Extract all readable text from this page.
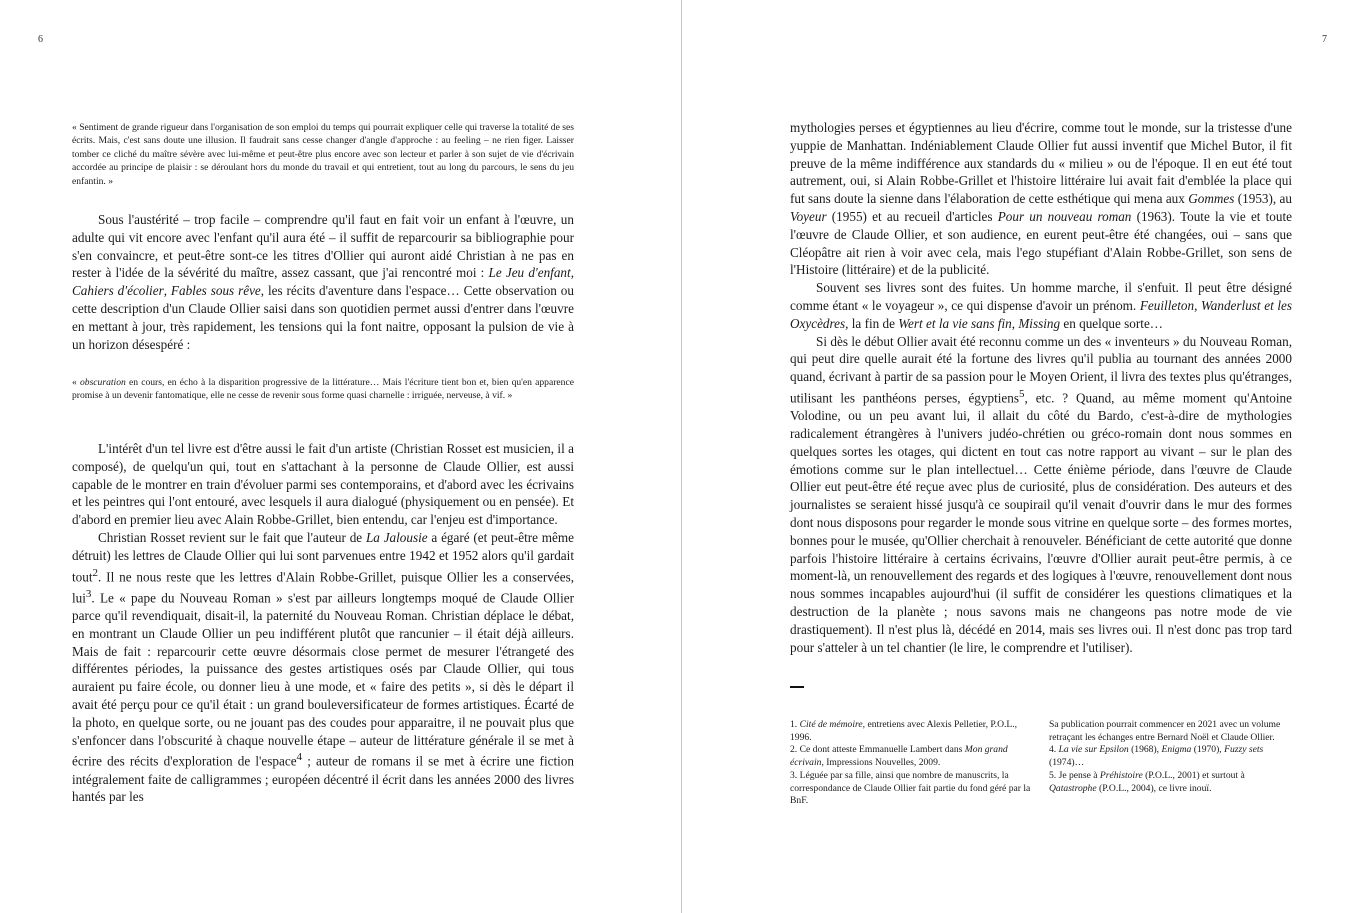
6

« Sentiment de grande rigueur dans l'organisation de son emploi du temps qui pourrait expliquer celle qui traverse la totalité de ses écrits. Mais, c'est sans doute une illusion. Il faudrait sans cesse changer d'angle d'approche : au feeling – ne rien figer. Laisser tomber ce cliché du maître sévère avec lui-même et peut-être plus encore avec son lecteur et parler à son sujet de vie d'écrivain accordée au principe de plaisir : se déroulant hors du monde du travail et qui entretient, tout au long du parcours, le sens du jeu enfantin. »

Sous l'austérité – trop facile – comprendre qu'il faut en fait voir un enfant à l'œuvre, un adulte qui vit encore avec l'enfant qu'il aura été – il suffit de reparcourir sa bibliographie pour s'en convaincre, et peut-être sont-ce les titres d'Ollier qui auront aidé Christian à ne pas en rester à l'idée de la sévérité du maître, assez cassant, que j'ai rencontré moi : Le Jeu d'enfant, Cahiers d'écolier, Fables sous rêve, les récits d'aventure dans l'espace… Cette observation ou cette description d'un Claude Ollier saisi dans son quotidien permet aussi d'entrer dans l'œuvre en mettant à jour, très rapidement, les tensions qui la font naitre, opposant la pulsion de vie à un horizon désespéré :

« obscuration en cours, en écho à la disparition progressive de la littérature… Mais l'écriture tient bon et, bien qu'en apparence promise à un devenir fantomatique, elle ne cesse de revenir sous forme quasi charnelle : irriguée, nerveuse, à vif. »

L'intérêt d'un tel livre est d'être aussi le fait d'un artiste (Christian Rosset est musicien, il a composé), de quelqu'un qui, tout en s'attachant à la personne de Claude Ollier, est aussi capable de le montrer en train d'évoluer parmi ses contemporains, et d'abord avec les écrivains et les peintres qui l'ont entouré, avec lesquels il aura dialogué (physiquement ou en pensée). Et d'abord en premier lieu avec Alain Robbe-Grillet, bien entendu, car l'enjeu est d'importance.

Christian Rosset revient sur le fait que l'auteur de La Jalousie a égaré (et peut-être même détruit) les lettres de Claude Ollier qui lui sont parvenues entre 1942 et 1952 alors qu'il gardait tout$^2$. Il ne nous reste que les lettres d'Alain Robbe-Grillet, puisque Ollier les a conservées, lui$^3$. Le « pape du Nouveau Roman » s'est par ailleurs longtemps moqué de Claude Ollier parce qu'il revendiquait, disait-il, la paternité du Nouveau Roman. Christian déplace le débat, en montrant un Claude Ollier un peu indifférent plutôt que rancunier – il était déjà ailleurs. Mais de fait : reparcourir cette œuvre désormais close permet de mesurer l'étrangeté des différentes périodes, la puissance des gestes artistiques osés par Claude Ollier, qui tous auraient pu faire école, ou donner lieu à une mode, et « faire des petits », si dès le départ il avait été perçu pour ce qu'il était : un grand bouleversificateur de formes artistiques. Écarté de la photo, en quelque sorte, ou ne jouant pas des coudes pour apparaitre, il ne pouvait plus que s'enfoncer dans l'obscurité à chaque nouvelle étape – auteur de littérature générale il se met à écrire des récits d'exploration de l'espace$^4$ ; auteur de romans il se met à écrire une fiction intégralement faite de calligrammes ; européen décentré il écrit dans les années 2000 des livres hantés par les

7

mythologies perses et égyptiennes au lieu d'écrire, comme tout le monde, sur la tristesse d'une yuppie de Manhattan. Indéniablement Claude Ollier fut aussi inventif que Michel Butor, il fit preuve de la même indifférence aux standards du « milieu » ou de l'époque. Il en eut été tout autrement, oui, si Alain Robbe-Grillet et l'histoire littéraire lui avait fait d'emblée la place qui fut sans doute la sienne dans l'élaboration de cette esthétique qui mena aux Gommes (1953), au Voyeur (1955) et au recueil d'articles Pour un nouveau roman (1963). Toute la vie et toute l'œuvre de Claude Ollier, et son audience, en eurent peut-être été changées, oui – sans que Cléopâtre ait rien à voir avec cela, mais l'ego stupéfiant d'Alain Robbe-Grillet, son sens de l'Histoire (littéraire) et de la publicité.

Souvent ses livres sont des fuites. Un homme marche, il s'enfuit. Il peut être désigné comme étant « le voyageur », ce qui dispense d'avoir un prénom. Feuilleton, Wanderlust et les Oxycèdres, la fin de Wert et la vie sans fin, Missing en quelque sorte…

Si dès le début Ollier avait été reconnu comme un des « inventeurs » du Nouveau Roman, qui peut dire quelle aurait été la fortune des livres qu'il publia au tournant des années 2000 quand, écrivant à partir de sa passion pour le Moyen Orient, il livra des textes plus qu'étranges, utilisant les panthéons perses, égyptiens$^5$, etc. ? Quand, au même moment qu'Antoine Volodine, ou un peu avant lui, il allait du côté du Bardo, c'est-à-dire de mythologies radicalement étrangères à l'univers judéo-chrétien ou gréco-romain dont nous sommes en quelques sortes les otages, qui dictent en tout cas notre rapport au vivant – sur le plan des émotions comme sur le plan intellectuel… Cette énième période, dans l'œuvre de Claude Ollier eut peut-être été reçue avec plus de curiosité, plus de considération. Des auteurs et des journalistes se seraient hissé jusqu'à ce soupirail qu'il venait d'ouvrir dans le mur des formes dont nous disposons pour regarder le monde sous vitrine en quelque sorte – des formes mortes, bonnes pour le musée, qu'Ollier cherchait à renouveler. Bénéficiant de cette autorité que donne parfois l'histoire littéraire à certains écrivains, l'œuvre d'Ollier aurait peut-être permis, à ce moment-là, un renouvellement des regards et des logiques à l'œuvre, renouvellement dont nous nous sommes incapables aujourd'hui (il suffit de considérer les questions climatiques et la destruction de la planète ; nous savons mais ne changeons pas notre mode de vie drastiquement). Il n'est plus là, décédé en 2014, mais ses livres oui. Il n'est donc pas trop tard pour s'atteler à un tel chantier (le lire, le comprendre et l'utiliser).

1. Cité de mémoire, entretiens avec Alexis Pelletier, P.O.L., 1996.

2. Ce dont atteste Emmanuelle Lambert dans Mon grand écrivain, Impressions Nouvelles, 2009.

3. Léguée par sa fille, ainsi que nombre de manuscrits, la correspondance de Claude Ollier fait partie du fond géré par la BnF.

Sa publication pourrait commencer en 2021 avec un volume retraçant les échanges entre Bernard Noël et Claude Ollier.

4. La vie sur Epsilon (1968), Enigma (1970), Fuzzy sets (1974)…

5. Je pense à Préhistoire (P.O.L., 2001) et surtout à Qatastrophe (P.O.L., 2004), ce livre inouï.
